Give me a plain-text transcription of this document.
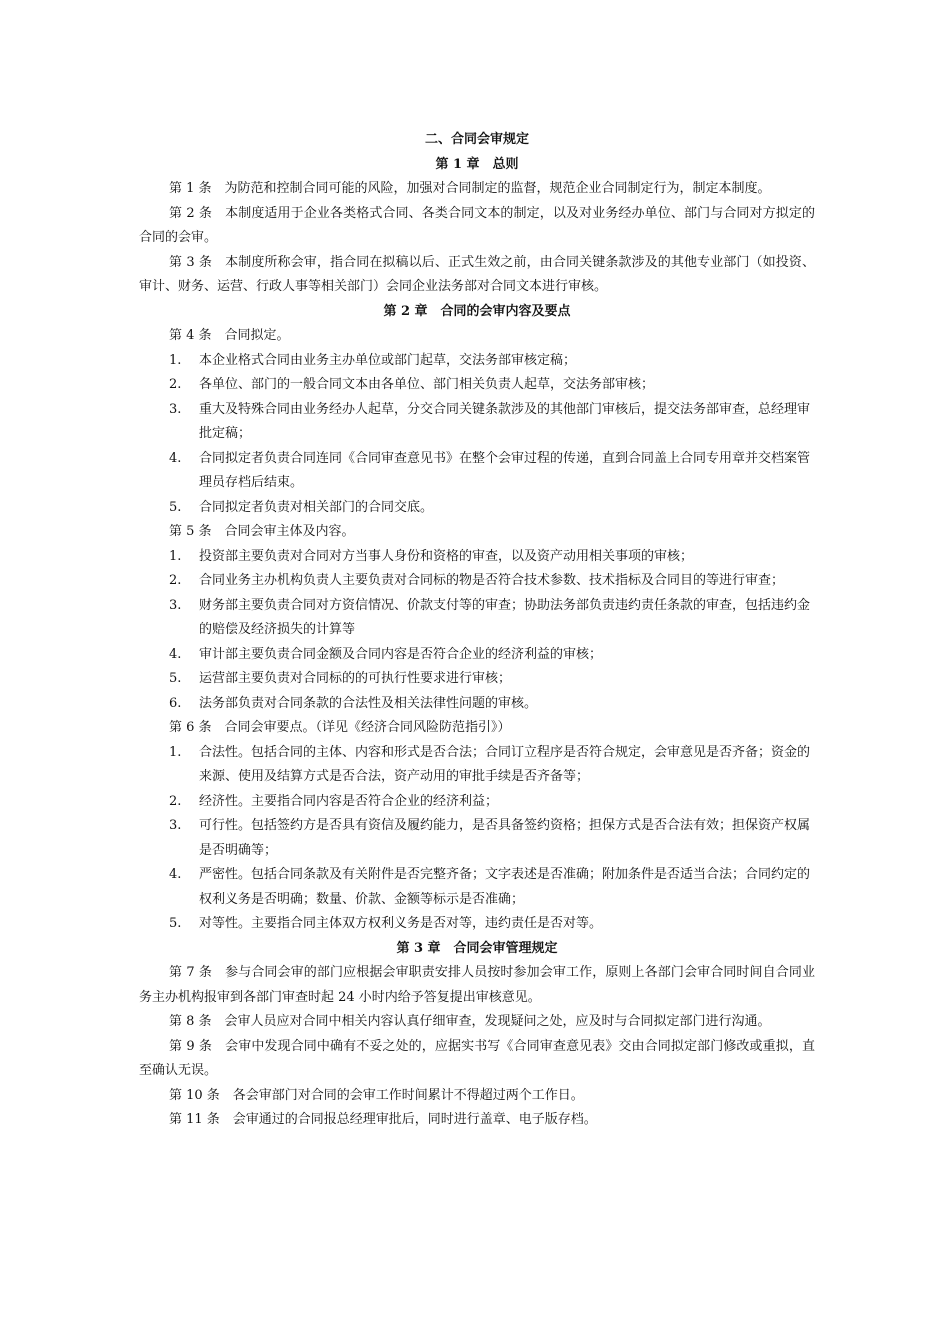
二、合同会审规定
第 1 章　总则
第 1 条　为防范和控制合同可能的风险，加强对合同制定的监督，规范企业合同制定行为，制定本制度。
第 2 条　本制度适用于企业各类格式合同、各类合同文本的制定，以及对业务经办单位、部门与合同对方拟定的合同的会审。
第 3 条　本制度所称会审，指合同在拟稿以后、正式生效之前，由合同关键条款涉及的其他专业部门（如投资、审计、财务、运营、行政人事等相关部门）会同企业法务部对合同文本进行审核。
第 2 章　合同的会审内容及要点
第 4 条　合同拟定。
1. 本企业格式合同由业务主办单位或部门起草，交法务部审核定稿；
2. 各单位、部门的一般合同文本由各单位、部门相关负责人起草，交法务部审核；
3. 重大及特殊合同由业务经办人起草，分交合同关键条款涉及的其他部门审核后，提交法务部审查，总经理审批定稿；
4. 合同拟定者负责合同连同《合同审查意见书》在整个会审过程的传递，直到合同盖上合同专用章并交档案管理员存档后结束。
5. 合同拟定者负责对相关部门的合同交底。
第 5 条　合同会审主体及内容。
1. 投资部主要负责对合同对方当事人身份和资格的审查，以及资产动用相关事项的审核；
2. 合同业务主办机构负责人主要负责对合同标的物是否符合技术参数、技术指标及合同目的等进行审查；
3. 财务部主要负责合同对方资信情况、价款支付等的审查；协助法务部负责违约责任条款的审查，包括违约金的赔偿及经济损失的计算等
4. 审计部主要负责合同金额及合同内容是否符合企业的经济利益的审核；
5. 运营部主要负责对合同标的的可执行性要求进行审核；
6. 法务部负责对合同条款的合法性及相关法律性问题的审核。
第 6 条　合同会审要点。（详见《经济合同风险防范指引》）
1. 合法性。包括合同的主体、内容和形式是否合法；合同订立程序是否符合规定，会审意见是否齐备；资金的来源、使用及结算方式是否合法，资产动用的审批手续是否齐备等；
2. 经济性。主要指合同内容是否符合企业的经济利益；
3. 可行性。包括签约方是否具有资信及履约能力，是否具备签约资格；担保方式是否合法有效；担保资产权属是否明确等；
4. 严密性。包括合同条款及有关附件是否完整齐备；文字表述是否准确；附加条件是否适当合法；合同约定的权利义务是否明确；数量、价款、金额等标示是否准确；
5. 对等性。主要指合同主体双方权利义务是否对等，违约责任是否对等。
第 3 章　合同会审管理规定
第 7 条　参与合同会审的部门应根据会审职责安排人员按时参加会审工作，原则上各部门会审合同时间自合同业务主办机构报审到各部门审查时起 24 小时内给予答复提出审核意见。
第 8 条　会审人员应对合同中相关内容认真仔细审查，发现疑问之处，应及时与合同拟定部门进行沟通。
第 9 条　会审中发现合同中确有不妥之处的，应据实书写《合同审查意见表》交由合同拟定部门修改或重拟，直至确认无误。
第 10 条　各会审部门对合同的会审工作时间累计不得超过两个工作日。
第 11 条　会审通过的合同报总经理审批后，同时进行盖章、电子版存档。
